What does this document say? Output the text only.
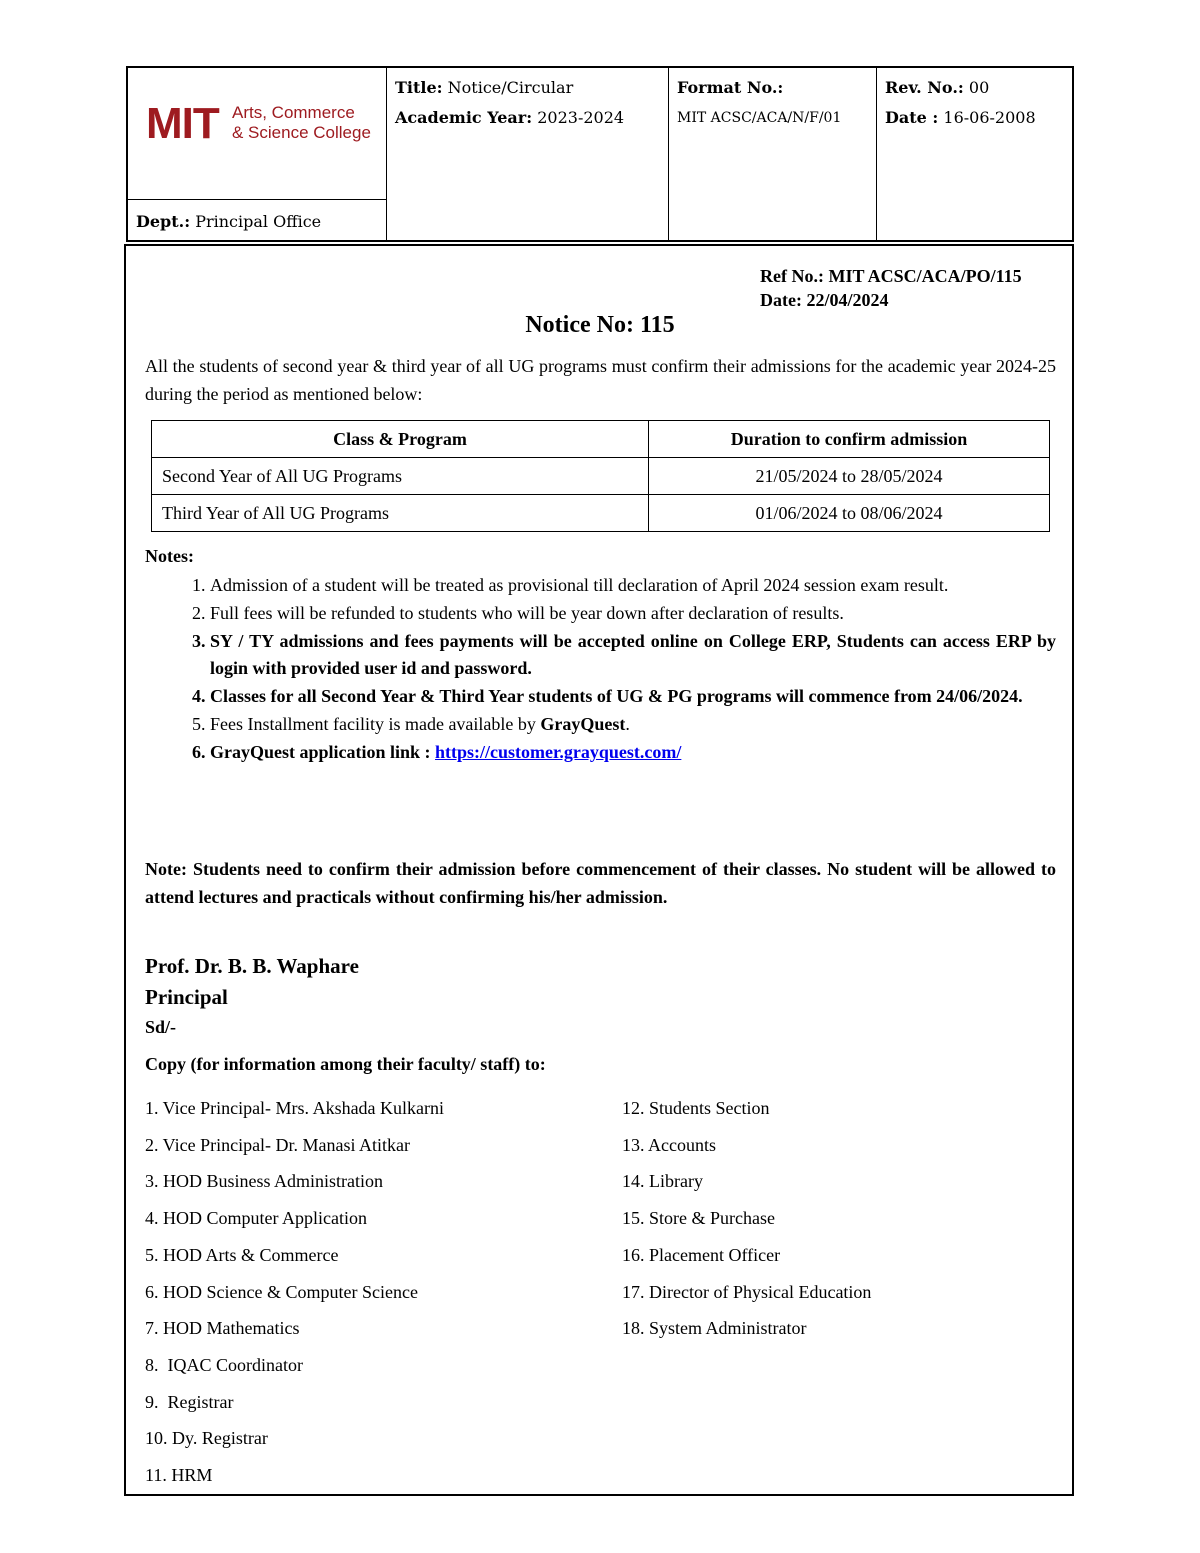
MIT Arts, Commerce
& Science College
Dept.: Principal Office
Title: Notice/Circular
Academic Year: 2023-2024
Format No.:
MIT ACSC/ACA/N/F/01
Rev. No.: 00
Date : 16-06-2008
Ref No.: MIT ACSC/ACA/PO/115
Date: 22/04/2024
Notice No: 115
All the students of second year & third year of all UG programs must confirm their admissions for the academic year 2024-25 during the period as mentioned below:
Class & Program	Duration to confirm admission
Second Year of All UG Programs	21/05/2024 to 28/05/2024
Third Year of All UG Programs	01/06/2024 to 08/06/2024
Notes:
1. Admission of a student will be treated as provisional till declaration of April 2024 session exam result.
2. Full fees will be refunded to students who will be year down after declaration of results.
3. SY / TY admissions and fees payments will be accepted online on College ERP, Students can access ERP by login with provided user id and password.
4. Classes for all Second Year & Third Year students of UG & PG programs will commence from 24/06/2024.
5. Fees Installment facility is made available by GrayQuest.
6. GrayQuest application link : https://customer.grayquest.com/
Note: Students need to confirm their admission before commencement of their classes. No student will be allowed to attend lectures and practicals without confirming his/her admission.
Prof. Dr. B. B. Waphare
Principal
Sd/-
Copy (for information among their faculty/ staff) to:
1. Vice Principal- Mrs. Akshada Kulkarni
2. Vice Principal- Dr. Manasi Atitkar
3. HOD Business Administration
4. HOD Computer Application
5. HOD Arts & Commerce
6. HOD Science & Computer Science
7. HOD Mathematics
8.  IQAC Coordinator
9.  Registrar
10. Dy. Registrar
11. HRM
12. Students Section
13. Accounts
14. Library
15. Store & Purchase
16. Placement Officer
17. Director of Physical Education
18. System Administrator
